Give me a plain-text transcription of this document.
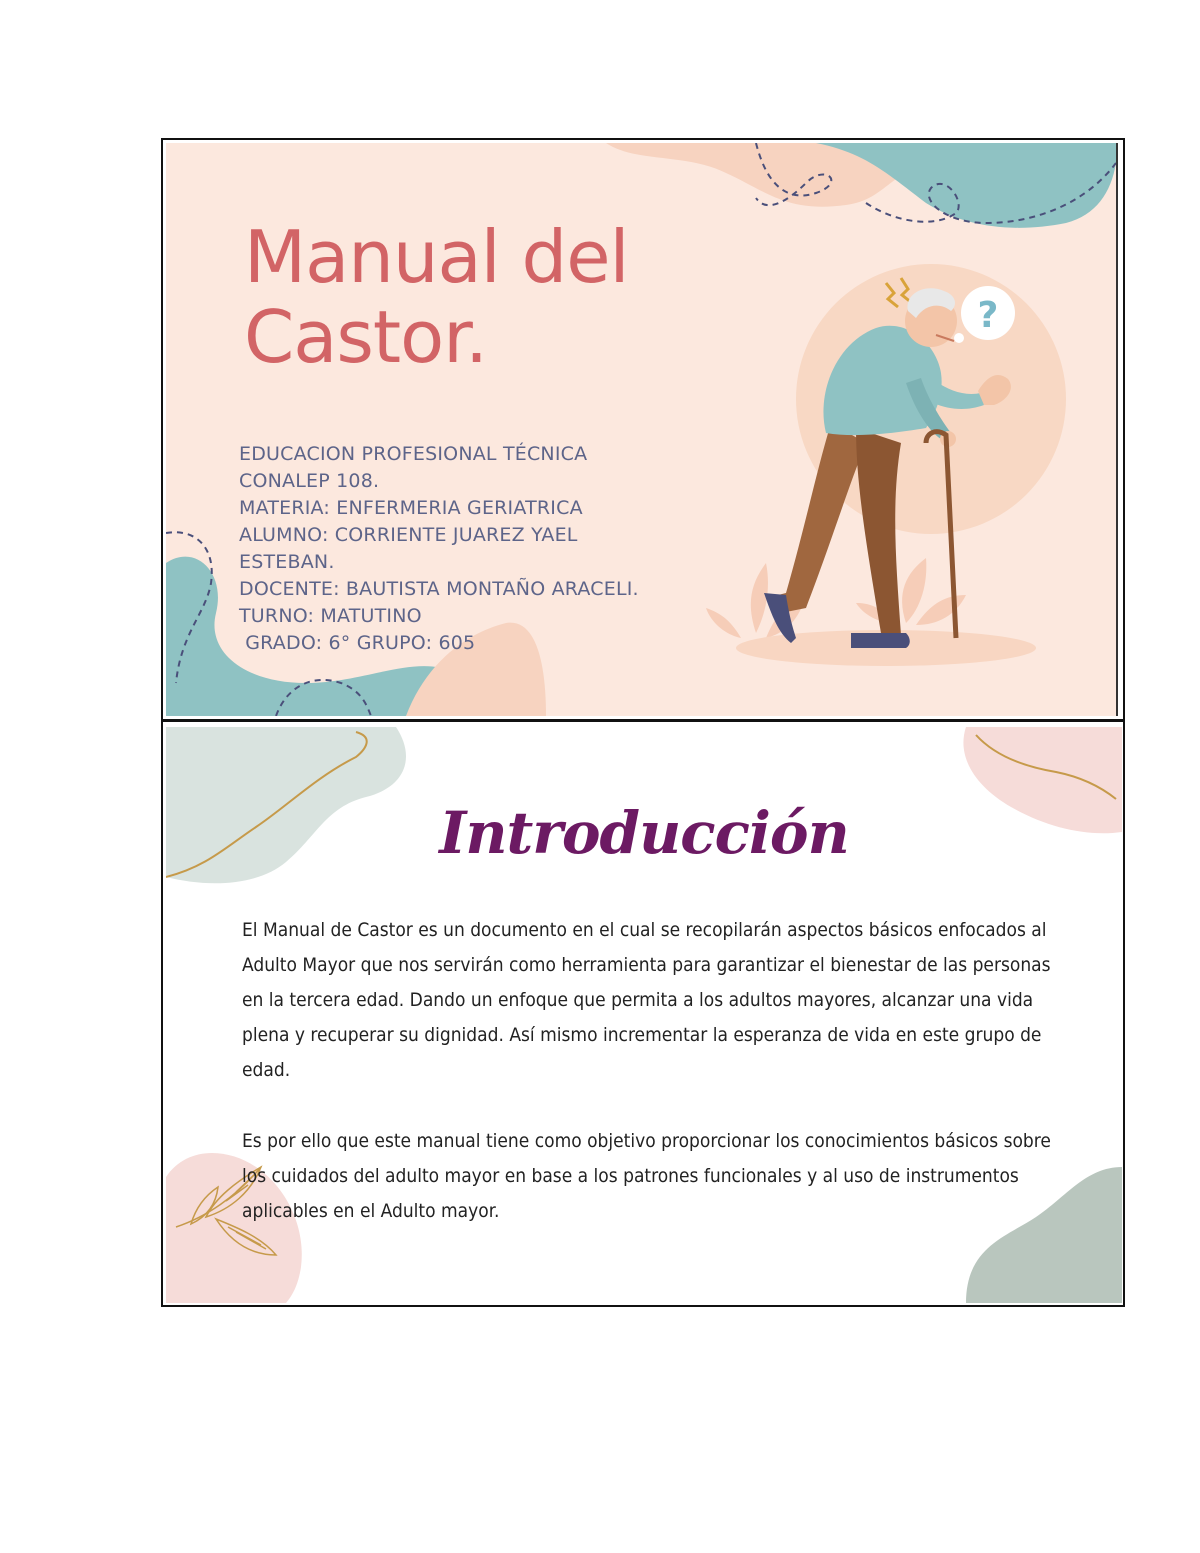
?
Manual del
Castor.
EDUCACION PROFESIONAL TÉCNICA
CONALEP 108.
MATERIA: ENFERMERIA GERIATRICA
ALUMNO: CORRIENTE JUAREZ YAEL
ESTEBAN.
DOCENTE: BAUTISTA MONTAÑO ARACELI.
TURNO: MATUTINO
GRADO: 6° GRUPO: 605
Introducción

El Manual de Castor es un documento en el cual se recopilarán aspectos básicos enfocados al Adulto Mayor que nos servirán como herramienta para garantizar el bienestar de las personas en la tercera edad. Dando un enfoque que permita a los adultos mayores, alcanzar una vida plena y recuperar su dignidad. Así mismo incrementar la esperanza de vida en este grupo de edad.

Es por ello que este manual tiene como objetivo proporcionar los conocimientos básicos sobre los cuidados del adulto mayor en base a los patrones funcionales y al uso de instrumentos aplicables en el Adulto mayor.
